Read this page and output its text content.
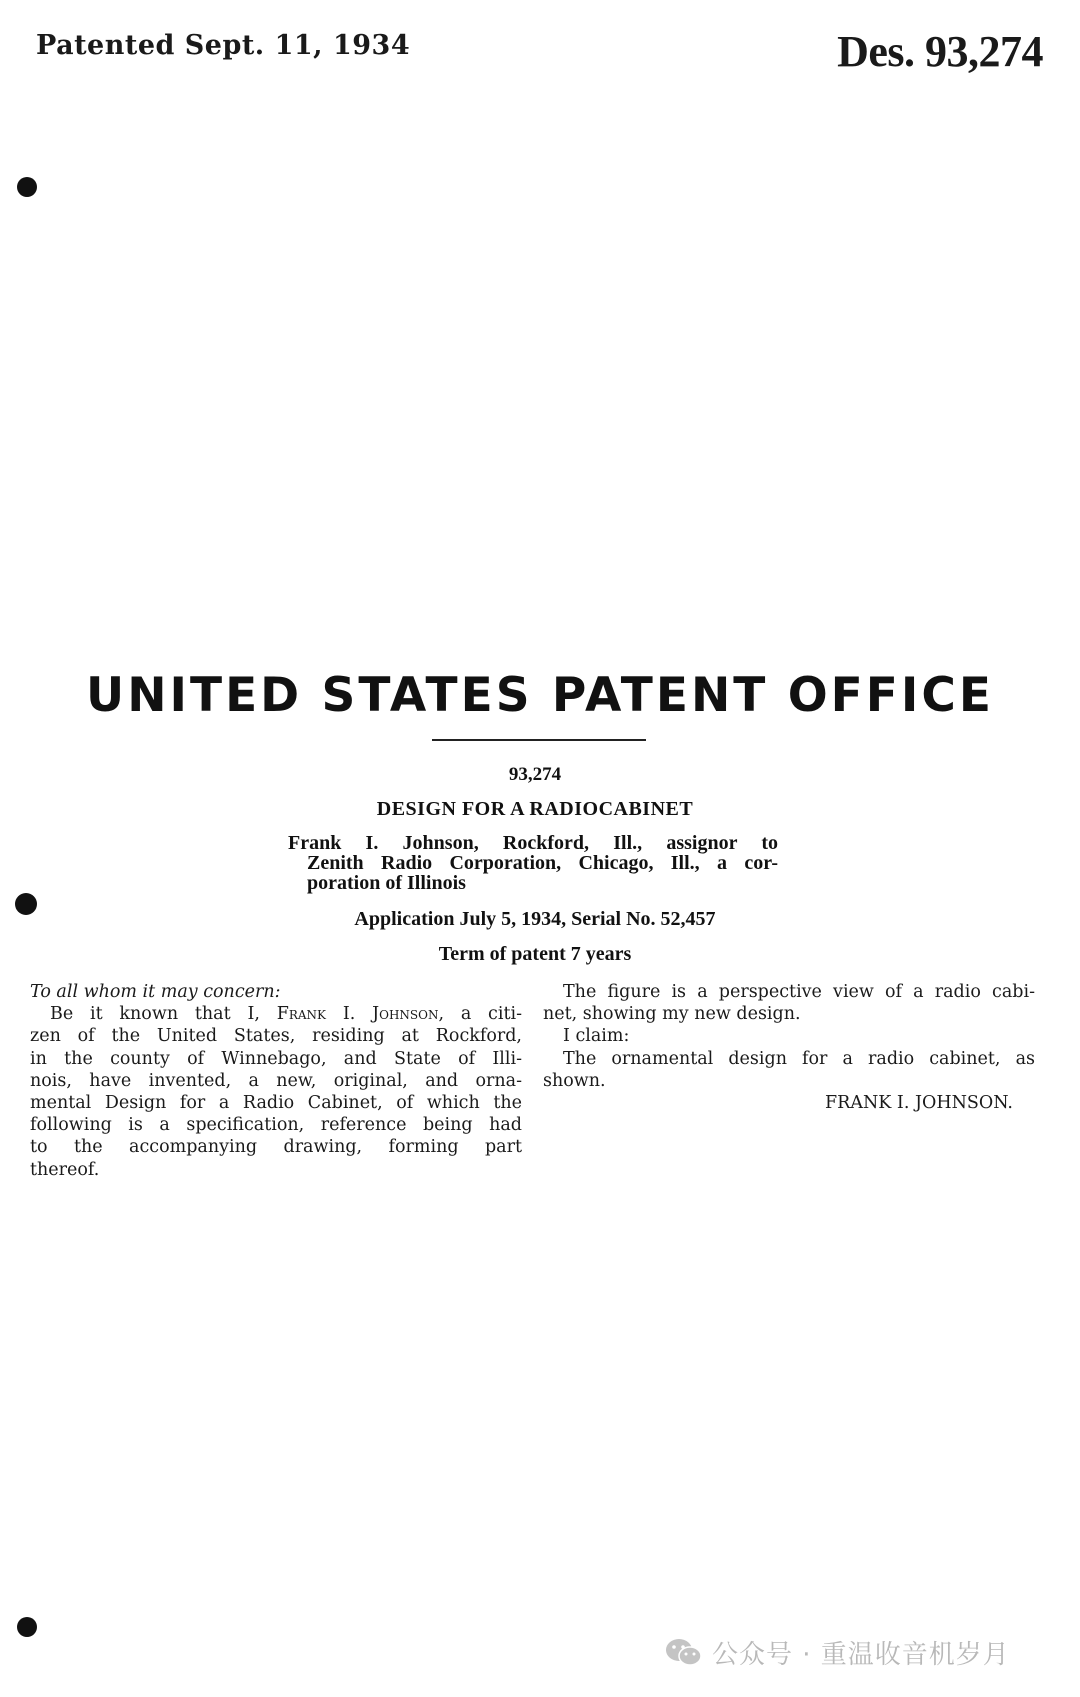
Patented Sept. 11, 1934	Des. 93,274
UNITED STATES PATENT OFFICE
93,274
DESIGN FOR A RADIOCABINET
Frank I. Johnson, Rockford, Ill., assignor to
Zenith Radio Corporation, Chicago, Ill., a cor-
poration of Illinois
Application July 5, 1934, Serial No. 52,457
Term of patent 7 years
To all whom it may concern:
Be it known that I, Frank I. Johnson, a citi-
zen of the United States, residing at Rockford,
in the county of Winnebago, and State of Illi-
nois, have invented, a new, original, and orna-
mental Design for a Radio Cabinet, of which the
following is a specification, reference being had
to the accompanying drawing, forming part
thereof.
The figure is a perspective view of a radio cabi-
net, showing my new design.
I claim:
The ornamental design for a radio cabinet, as
shown.
FRANK I. JOHNSON.
公众号 · 重温收音机岁月
